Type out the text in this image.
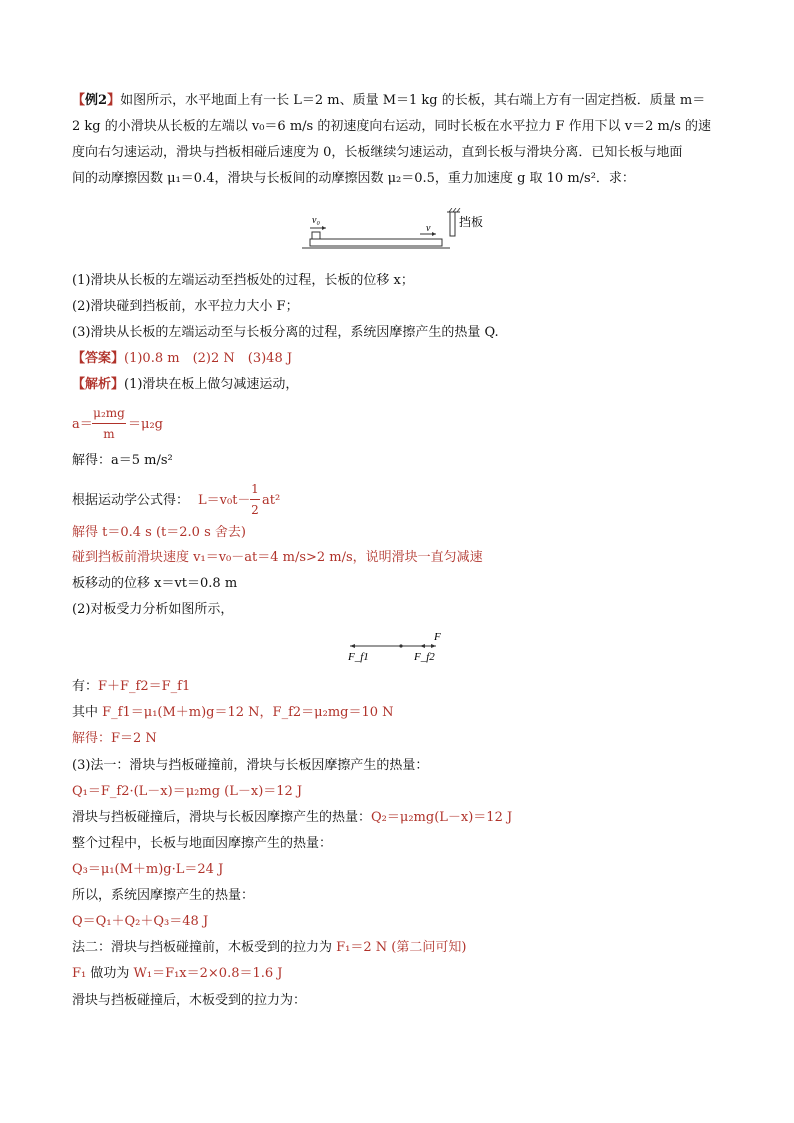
【例2】如图所示，水平地面上有一长 L＝2 m、质量 M＝1 kg 的长板，其右端上方有一固定挡板．质量 m＝
2 kg 的小滑块从长板的左端以 v₀＝6 m/s 的初速度向右运动，同时长板在水平拉力 F 作用下以 v＝2 m/s 的速
度向右匀速运动，滑块与挡板相碰后速度为 0，长板继续匀速运动，直到长板与滑块分离．已知长板与地面
间的动摩擦因数 μ₁＝0.4，滑块与长板间的动摩擦因数 μ₂＝0.5，重力加速度 g 取 10 m/s²．求：
v₀
v 挡板
(1)滑块从长板的左端运动至挡板处的过程，长板的位移 x；
(2)滑块碰到挡板前，水平拉力大小 F；
(3)滑块从长板的左端运动至与长板分离的过程，系统因摩擦产生的热量 Q.
【答案】(1)0.8 m　(2)2 N　(3)48 J
【解析】(1)滑块在板上做匀减速运动，
a＝
μ₂mg
m
＝μ₂g
解得：a＝5 m/s²
根据运动学公式得： L＝v₀t－
1
2
at²
解得 t＝0.4 s (t＝2.0 s 舍去)
碰到挡板前滑块速度 v₁＝v₀－at＝4 m/s>2 m/s，说明滑块一直匀减速
板移动的位移 x＝vt＝0.8 m
(2)对板受力分析如图所示，
F_f1	F_f2
F
有：F＋F_f2＝F_f1
其中 F_f1＝μ₁(M＋m)g＝12 N，F_f2＝μ₂mg＝10 N
解得：F＝2 N
(3)法一：滑块与挡板碰撞前，滑块与长板因摩擦产生的热量：
Q₁＝F_f2·(L－x)＝μ₂mg (L－x)＝12 J
滑块与挡板碰撞后，滑块与长板因摩擦产生的热量：Q₂＝μ₂mg(L－x)＝12 J
整个过程中，长板与地面因摩擦产生的热量：
Q₃＝μ₁(M＋m)g·L＝24 J
所以，系统因摩擦产生的热量：
Q＝Q₁＋Q₂＋Q₃＝48 J
法二：滑块与挡板碰撞前，木板受到的拉力为 F₁＝2 N (第二问可知)
F₁ 做功为 W₁＝F₁x＝2×0.8＝1.6 J
滑块与挡板碰撞后，木板受到的拉力为：
